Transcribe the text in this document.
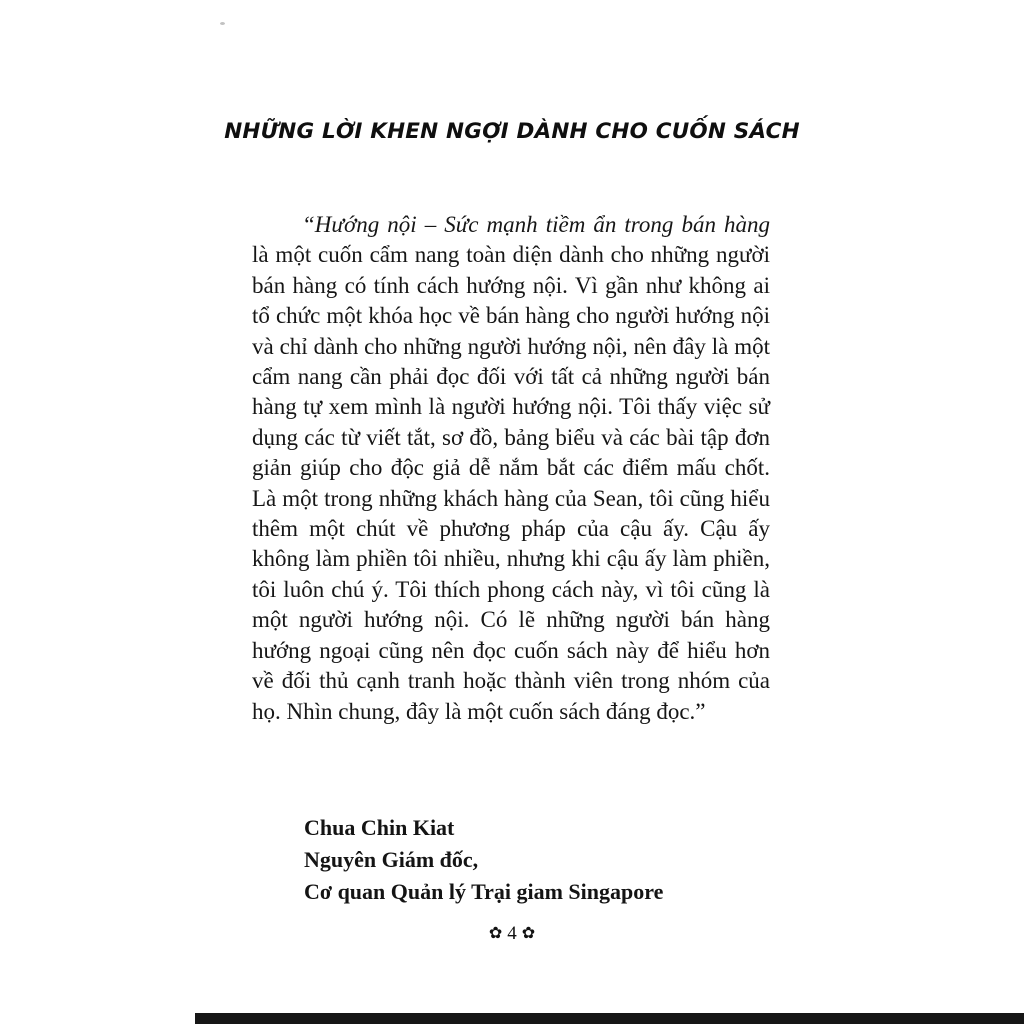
NHỮNG LỜI KHEN NGỢI DÀNH CHO CUỐN SÁCH

“Hướng nội – Sức mạnh tiềm ẩn trong bán hàng là một cuốn cẩm nang toàn diện dành cho những người bán hàng có tính cách hướng nội. Vì gần như không ai tổ chức một khóa học về bán hàng cho người hướng nội và chỉ dành cho những người hướng nội, nên đây là một cẩm nang cần phải đọc đối với tất cả những người bán hàng tự xem mình là người hướng nội. Tôi thấy việc sử dụng các từ viết tắt, sơ đồ, bảng biểu và các bài tập đơn giản giúp cho độc giả dễ nắm bắt các điểm mấu chốt. Là một trong những khách hàng của Sean, tôi cũng hiểu thêm một chút về phương pháp của cậu ấy. Cậu ấy không làm phiền tôi nhiều, nhưng khi cậu ấy làm phiền, tôi luôn chú ý. Tôi thích phong cách này, vì tôi cũng là một người hướng nội. Có lẽ những người bán hàng hướng ngoại cũng nên đọc cuốn sách này để hiểu hơn về đối thủ cạnh tranh hoặc thành viên trong nhóm của họ. Nhìn chung, đây là một cuốn sách đáng đọc.”

Chua Chin Kiat
Nguyên Giám đốc,
Cơ quan Quản lý Trại giam Singapore
✿ 4 ✿
